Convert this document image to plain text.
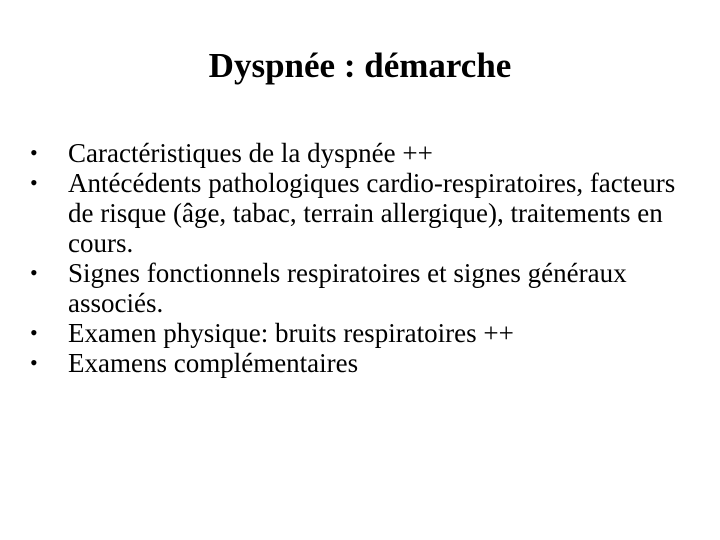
Dyspnée : démarche
•	Caractéristiques de la dyspnée ++
•	Antécédents pathologiques cardio-respiratoires, facteurs de risque (âge, tabac, terrain allergique), traitements en cours.
•	Signes fonctionnels respiratoires et signes généraux associés.
•	Examen physique: bruits respiratoires ++
•	Examens complémentaires
